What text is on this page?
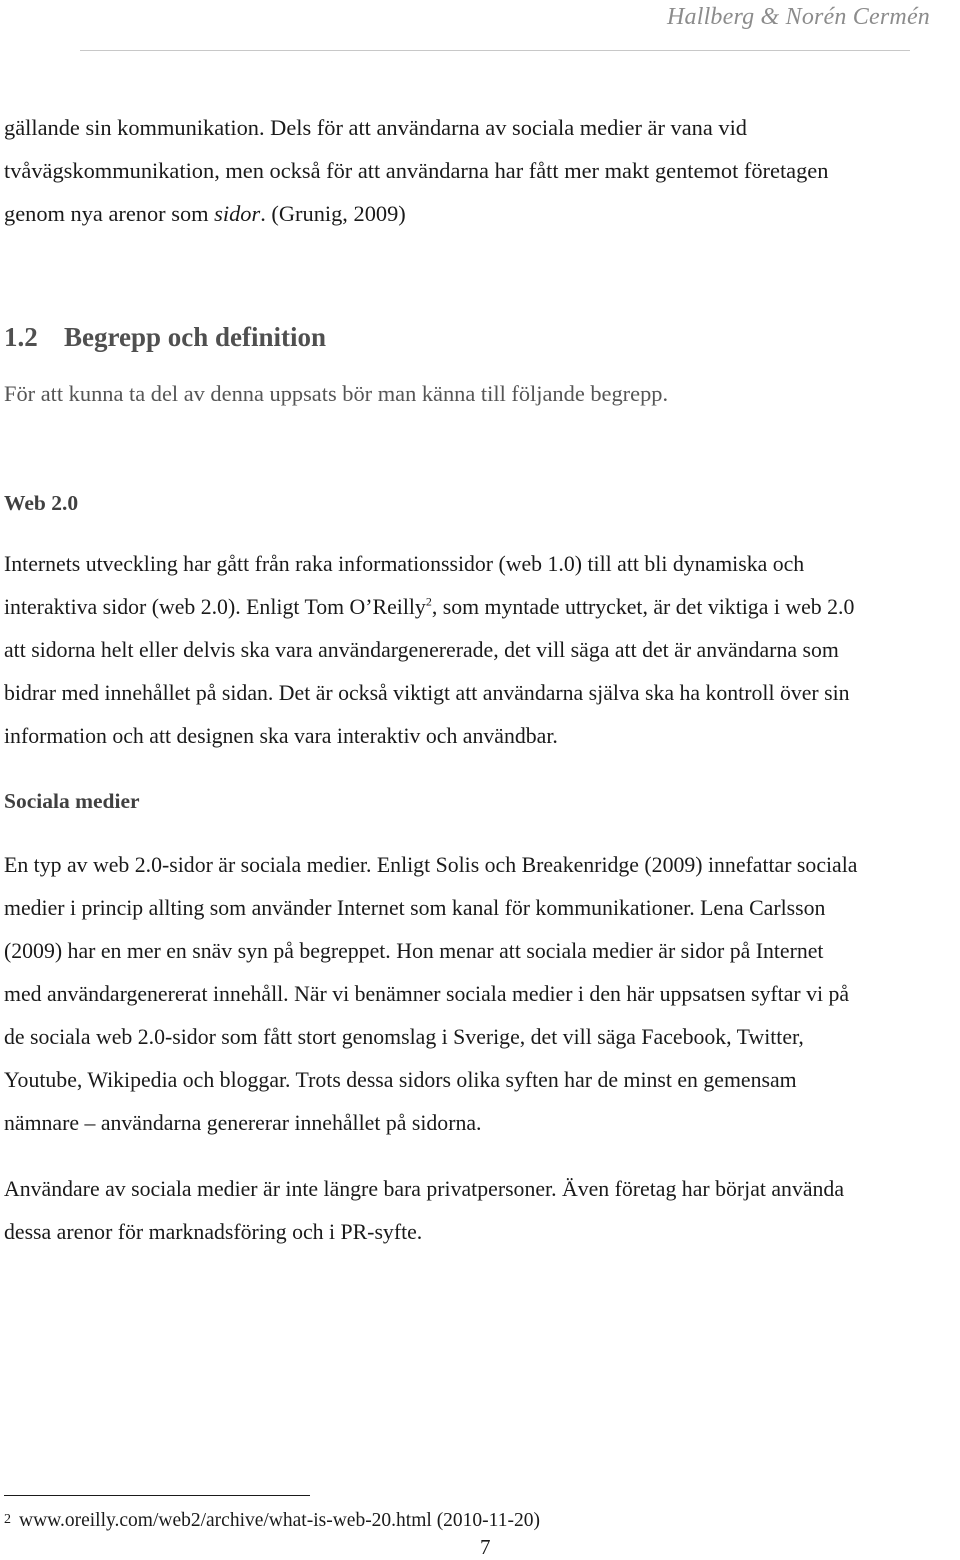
Hallberg & Norén Cermén

gällande sin kommunikation. Dels för att användarna av sociala medier är vana vid

tvåvägskommunikation, men också för att användarna har fått mer makt gentemot företagen

genom nya arenor som sidor. (Grunig, 2009)

1.2 Begrepp och definition

För att kunna ta del av denna uppsats bör man känna till följande begrepp.

Web 2.0

Internets utveckling har gått från raka informationssidor (web 1.0) till att bli dynamiska och

interaktiva sidor (web 2.0). Enligt Tom O’Reilly$^2$, som myntade uttrycket, är det viktiga i web 2.0

att sidorna helt eller delvis ska vara användargenererade, det vill säga att det är användarna som

bidrar med innehållet på sidan. Det är också viktigt att användarna själva ska ha kontroll över sin

information och att designen ska vara interaktiv och användbar.

Sociala medier

En typ av web 2.0-sidor är sociala medier. Enligt Solis och Breakenridge (2009) innefattar sociala

medier i princip allting som använder Internet som kanal för kommunikationer. Lena Carlsson

(2009) har en mer en snäv syn på begreppet. Hon menar att sociala medier är sidor på Internet

med användargenererat innehåll. När vi benämner sociala medier i den här uppsatsen syftar vi på

de sociala web 2.0-sidor som fått stort genomslag i Sverige, det vill säga Facebook, Twitter,

Youtube, Wikipedia och bloggar. Trots dessa sidors olika syften har de minst en gemensam

nämnare – användarna genererar innehållet på sidorna.

Användare av sociala medier är inte längre bara privatpersoner. Även företag har börjat använda

dessa arenor för marknadsföring och i PR-syfte.

2 www.oreilly.com/web2/archive/what-is-web-20.html (2010-11-20)

7
